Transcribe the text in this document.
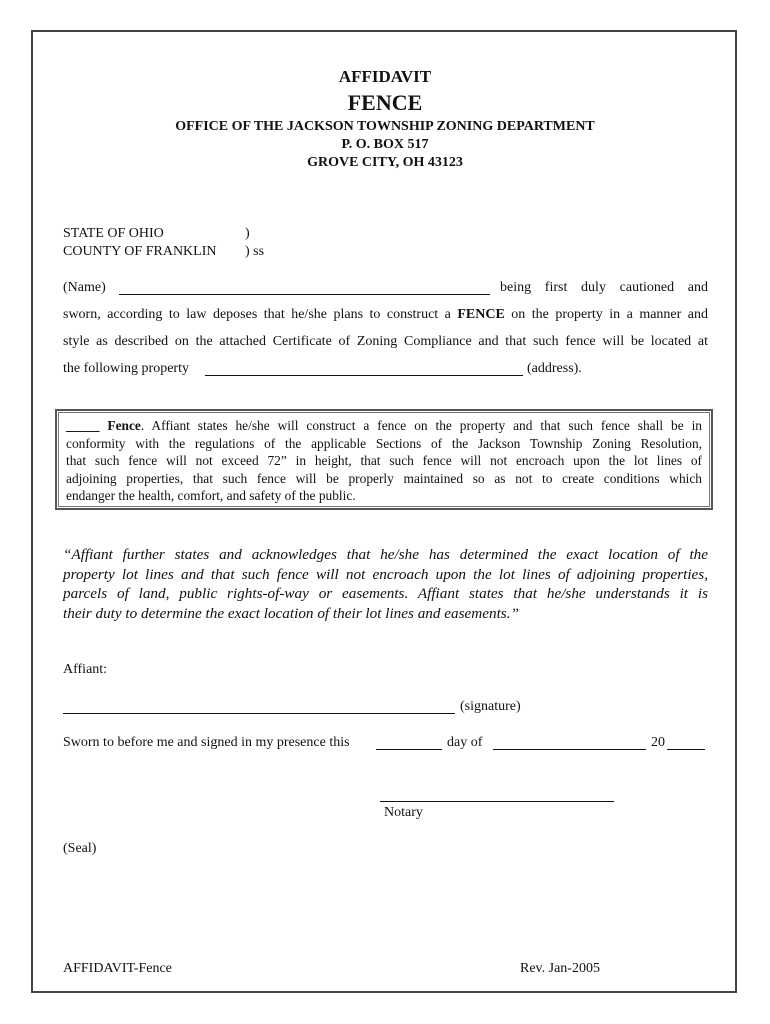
AFFIDAVIT
FENCE
OFFICE OF THE JACKSON TOWNSHIP ZONING DEPARTMENT
P. O. BOX 517
GROVE CITY, OH 43123
STATE OF OHIO	)
COUNTY OF FRANKLIN ) ss
(Name)	being first duly cautioned and
sworn, according to law deposes that he/she plans to construct a FENCE on the property in a manner and
style as described on the attached Certificate of Zoning Compliance and that such fence will be located at
the following property	(address).
_____ Fence. Affiant states he/she will construct a fence on the property and that such fence shall be in
conformity with the regulations of the applicable Sections of the Jackson Township Zoning Resolution,
that such fence will not exceed 72” in height, that such fence will not encroach upon the lot lines of
adjoining properties, that such fence will be properly maintained so as not to create conditions which
endanger the health, comfort, and safety of the public.
“Affiant further states and acknowledges that he/she has determined the exact location of the
property lot lines and that such fence will not encroach upon the lot lines of adjoining properties,
parcels of land, public rights-of-way or easements. Affiant states that he/she understands it is
their duty to determine the exact location of their lot lines and easements.”
Affiant:
(signature)
Sworn to before me and signed in my presence this	day of	20
Notary
(Seal)
AFFIDAVIT-Fence	Rev. Jan-2005
